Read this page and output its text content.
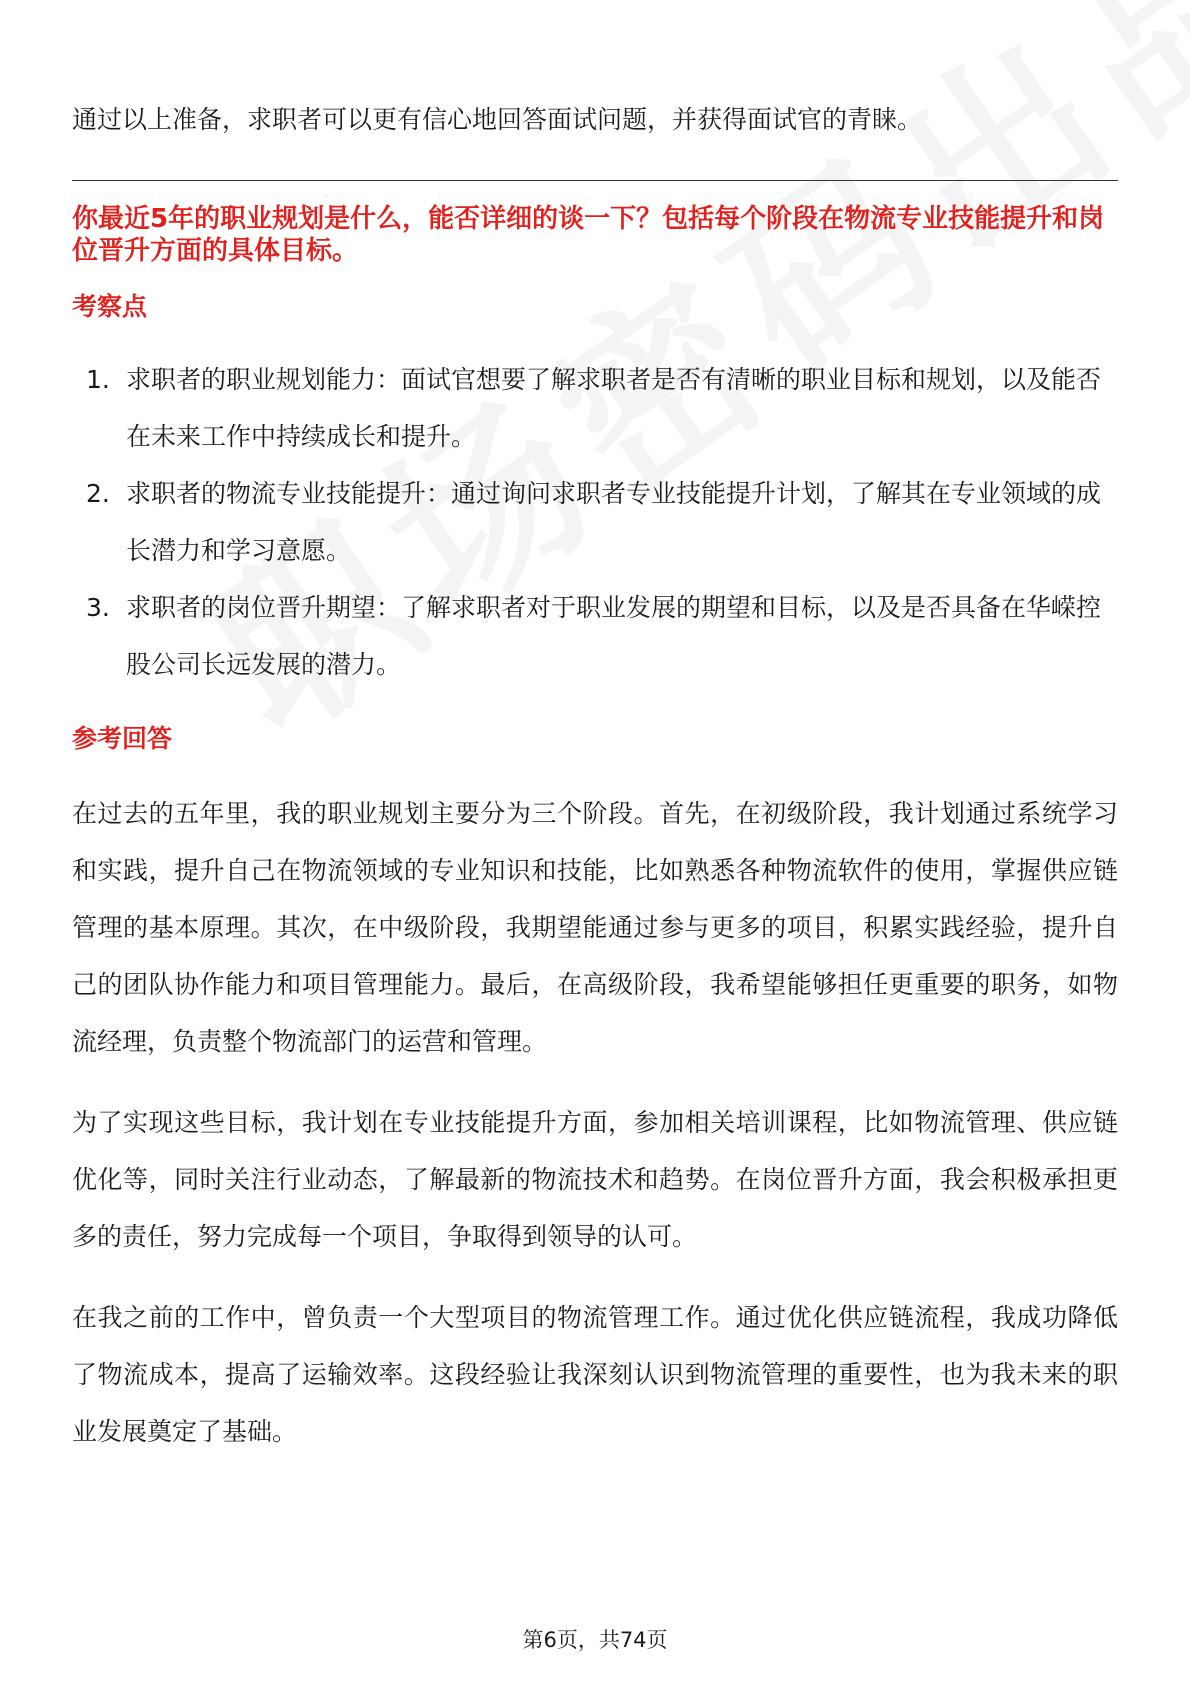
通过以上准备，求职者可以更有信心地回答面试问题，并获得面试官的青睐。

你最近5年的职业规划是什么，能否详细的谈一下？包括每个阶段在物流专业技能提升和岗位晋升方面的具体目标。
考察点
1. 求职者的职业规划能力：面试官想要了解求职者是否有清晰的职业目标和规划，以及能否在未来工作中持续成长和提升。
2. 求职者的物流专业技能提升：通过询问求职者专业技能提升计划，了解其在专业领域的成长潜力和学习意愿。
3. 求职者的岗位晋升期望：了解求职者对于职业发展的期望和目标，以及是否具备在华嵘控股公司长远发展的潜力。
参考回答

在过去的五年里，我的职业规划主要分为三个阶段。首先，在初级阶段，我计划通过系统学习和实践，提升自己在物流领域的专业知识和技能，比如熟悉各种物流软件的使用，掌握供应链管理的基本原理。其次，在中级阶段，我期望能通过参与更多的项目，积累实践经验，提升自己的团队协作能力和项目管理能力。最后，在高级阶段，我希望能够担任更重要的职务，如物流经理，负责整个物流部门的运营和管理。

为了实现这些目标，我计划在专业技能提升方面，参加相关培训课程，比如物流管理、供应链优化等，同时关注行业动态，了解最新的物流技术和趋势。在岗位晋升方面，我会积极承担更多的责任，努力完成每一个项目，争取得到领导的认可。

在我之前的工作中，曾负责一个大型项目的物流管理工作。通过优化供应链流程，我成功降低了物流成本，提高了运输效率。这段经验让我深刻认识到物流管理的重要性，也为我未来的职业发展奠定了基础。

第6页，共74页
